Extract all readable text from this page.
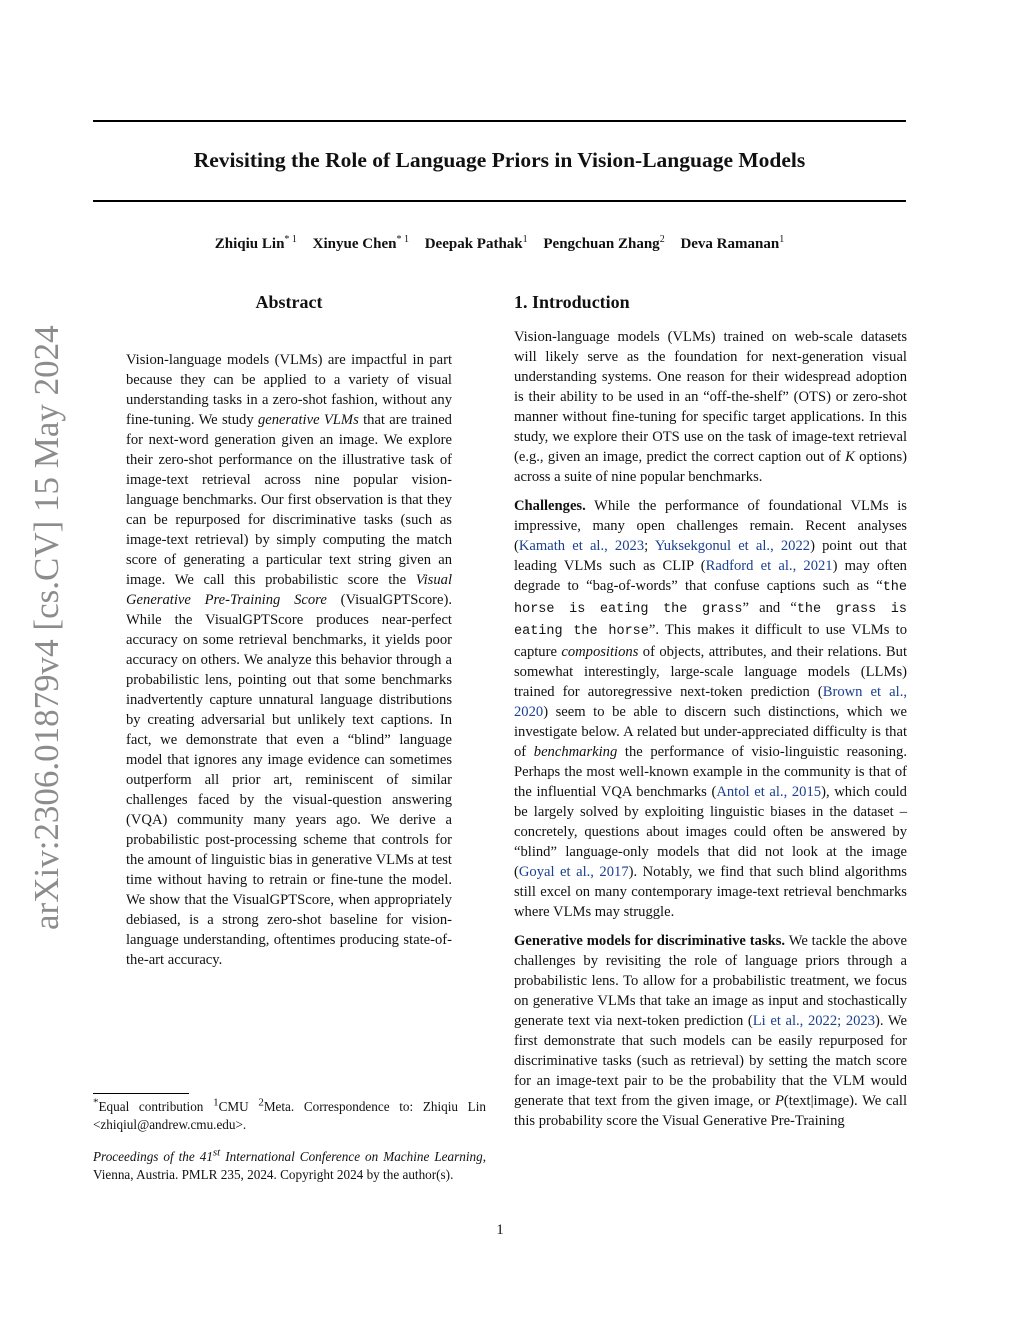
Revisiting the Role of Language Priors in Vision-Language Models
Zhiqiu Lin$^{* 1}$ Xinyue Chen$^{* 1}$ Deepak Pathak$^1$ Pengchuan Zhang$^2$ Deva Ramanan$^1$
arXiv:2306.01879v4 [cs.CV] 15 May 2024
Abstract

Vision-language models (VLMs) are impactful in part because they can be applied to a variety of visual understanding tasks in a zero-shot fashion, without any fine-tuning. We study generative VLMs that are trained for next-word generation given an image. We explore their zero-shot performance on the illustrative task of image-text retrieval across nine popular vision-language benchmarks. Our first observation is that they can be repurposed for discriminative tasks (such as image-text retrieval) by simply computing the match score of generating a particular text string given an image. We call this probabilistic score the Visual Generative Pre-Training Score (VisualGPTScore). While the VisualGPTScore produces near-perfect accuracy on some retrieval benchmarks, it yields poor accuracy on others. We analyze this behavior through a probabilistic lens, pointing out that some benchmarks inadvertently capture unnatural language distributions by creating adversarial but unlikely text captions. In fact, we demonstrate that even a “blind” language model that ignores any image evidence can sometimes outperform all prior art, reminiscent of similar challenges faced by the visual-question answering (VQA) community many years ago. We derive a probabilistic post-processing scheme that controls for the amount of linguistic bias in generative VLMs at test time without having to retrain or fine-tune the model. We show that the VisualGPTScore, when appropriately debiased, is a strong zero-shot baseline for vision-language understanding, oftentimes producing state-of-the-art accuracy.

*Equal contribution $^1$CMU $^2$Meta. Correspondence to: Zhiqiu Lin <zhiqiul@andrew.cmu.edu>.
Proceedings of the 41st International Conference on Machine Learning, Vienna, Austria. PMLR 235, 2024. Copyright 2024 by the author(s).
1. Introduction

Vision-language models (VLMs) trained on web-scale datasets will likely serve as the foundation for next-generation visual understanding systems. One reason for their widespread adoption is their ability to be used in an “off-the-shelf” (OTS) or zero-shot manner without fine-tuning for specific target applications. In this study, we explore their OTS use on the task of image-text retrieval (e.g., given an image, predict the correct caption out of K options) across a suite of nine popular benchmarks.

Challenges. While the performance of foundational VLMs is impressive, many open challenges remain. Recent analyses (Kamath et al., 2023; Yuksekgonul et al., 2022) point out that leading VLMs such as CLIP (Radford et al., 2021) may often degrade to “bag-of-words” that confuse captions such as “the horse is eating the grass” and “the grass is eating the horse”. This makes it difficult to use VLMs to capture compositions of objects, attributes, and their relations. But somewhat interestingly, large-scale language models (LLMs) trained for autoregressive next-token prediction (Brown et al., 2020) seem to be able to discern such distinctions, which we investigate below. A related but under-appreciated difficulty is that of benchmarking the performance of visio-linguistic reasoning. Perhaps the most well-known example in the community is that of the influential VQA benchmarks (Antol et al., 2015), which could be largely solved by exploiting linguistic biases in the dataset – concretely, questions about images could often be answered by “blind” language-only models that did not look at the image (Goyal et al., 2017). Notably, we find that such blind algorithms still excel on many contemporary image-text retrieval benchmarks where VLMs may struggle.

Generative models for discriminative tasks. We tackle the above challenges by revisiting the role of language priors through a probabilistic lens. To allow for a probabilistic treatment, we focus on generative VLMs that take an image as input and stochastically generate text via next-token prediction (Li et al., 2022; 2023). We first demonstrate that such models can be easily repurposed for discriminative tasks (such as retrieval) by setting the match score for an image-text pair to be the probability that the VLM would generate that text from the given image, or P(text|image). We call this probability score the Visual Generative Pre-Training

1
